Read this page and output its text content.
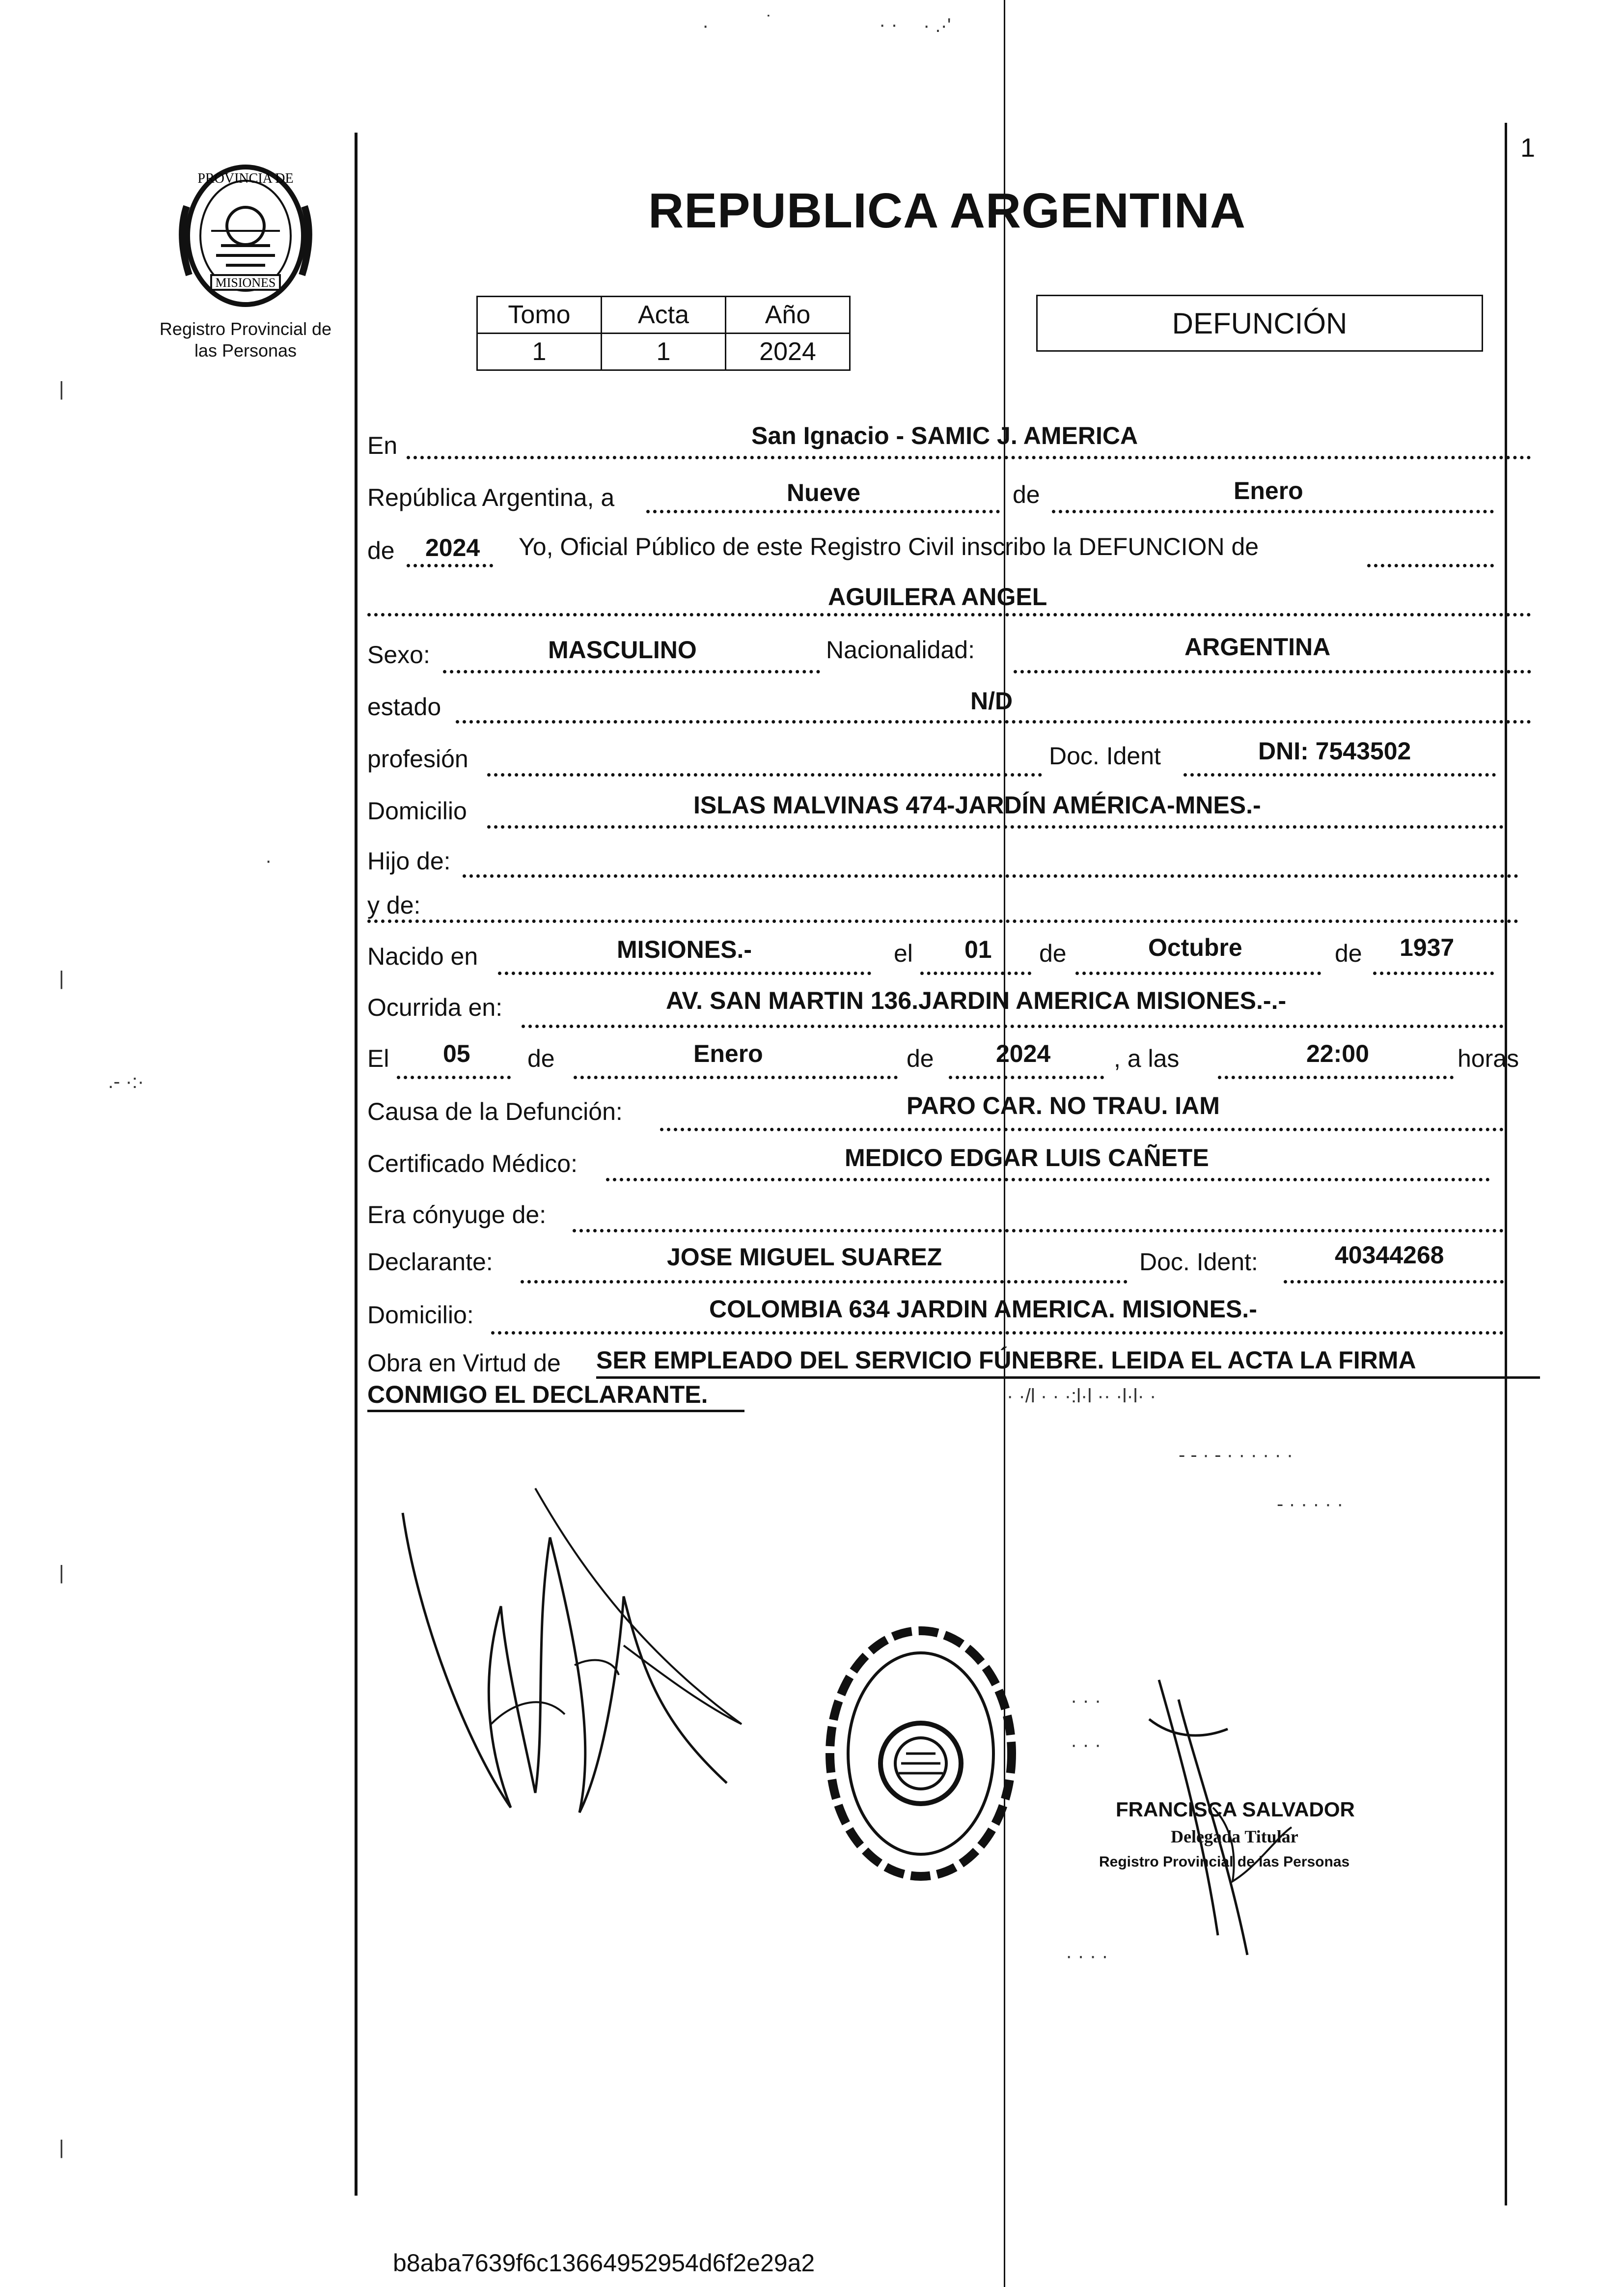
·	˙	· · · .·'
|
|
|
|
.- ·:·
·
- - · - · · · · · ·
- · · · · ·
· ·/l · · ·:l·l ·· ·l·l· ·
PROVINCIA DE
MISIONES
Registro Provincial de
las Personas
1
REPUBLICA ARGENTINA
Tomo	Acta	Año
1	1	2024
DEFUNCIÓN
En	San Ignacio - SAMIC J. AMERICA
República Argentina, a	Nueve	de	Enero
de 2024 Yo, Oficial Público de este Registro Civil inscribo la DEFUNCION de
AGUILERA ANGEL
Sexo:	MASCULINO	Nacionalidad:	ARGENTINA
estado	N/D
profesión	Doc. Ident	DNI: 7543502
Domicilio	ISLAS MALVINAS 474-JARDÍN AMÉRICA-MNES.-
Hijo de:
y de:
Nacido en	MISIONES.-	el 01 de	Octubre	de 1937
Ocurrida en:	AV. SAN MARTIN 136.JARDIN AMERICA MISIONES.-.-
El 05 de	Enero	de	2024	, a las	22:00	horas
Causa de la Defunción:	PARO CAR. NO TRAU. IAM
Certificado Médico:	MEDICO EDGAR LUIS CAÑETE
Era cónyuge de:
Declarante:	JOSE MIGUEL SUAREZ	Doc. Ident:	40344268
Domicilio:	COLOMBIA 634 JARDIN AMERICA. MISIONES.-
Obra en Virtud de SER EMPLEADO DEL SERVICIO FÚNEBRE. LEIDA EL ACTA LA FIRMA
CONMIGO EL DECLARANTE.
FRANCISCA SALVADOR
Delegada Titular
Registro Provincial de las Personas
· · ·
· · ·
· · · ·
b8aba7639f6c13664952954d6f2e29a2
